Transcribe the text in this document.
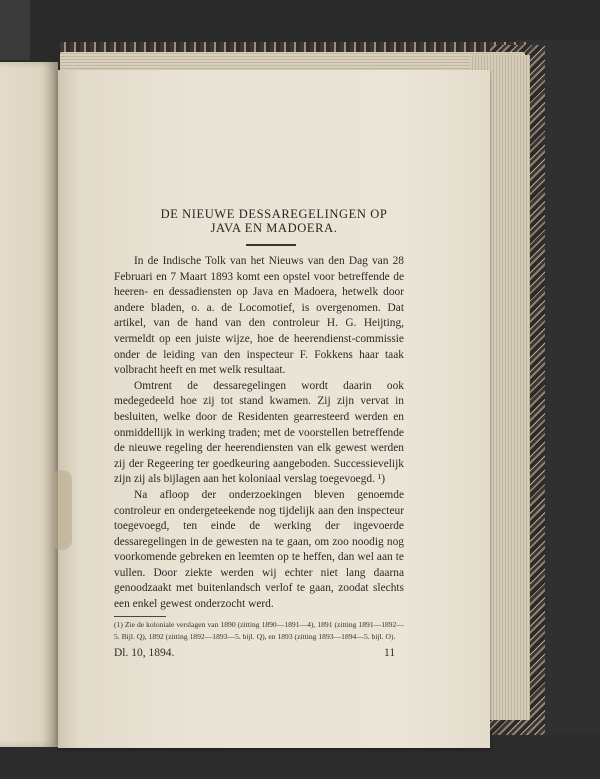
DE NIEUWE DESSAREGELINGEN OP
JAVA EN MADOERA.

In de Indische Tolk van het Nieuws van den Dag van 28 Februari en 7 Maart 1893 komt een opstel voor betreffende de heeren- en dessadiensten op Java en Madoera, hetwelk door andere bladen, o. a. de Locomotief, is overgenomen. Dat artikel, van de hand van den controleur H. G. Heijting, vermeldt op een juiste wijze, hoe de heerendienst-commissie onder de leiding van den inspecteur F. Fokkens haar taak volbracht heeft en met welk resultaat.

Omtrent de dessaregelingen wordt daarin ook medegedeeld hoe zij tot stand kwamen. Zij zijn vervat in besluiten, welke door de Residenten gearresteerd werden en onmiddellijk in werking traden; met de voorstellen betreffende de nieuwe regeling der heerendiensten van elk gewest werden zij der Regeering ter goedkeuring aangeboden. Successievelijk zijn zij als bijlagen aan het koloniaal verslag toegevoegd. ¹)

Na afloop der onderzoekingen bleven genoemde controleur en ondergeteekende nog tijdelijk aan den inspecteur toegevoegd, ten einde de werking der ingevoerde dessaregelingen in de gewesten na te gaan, om zoo noodig nog voorkomende gebreken en leemten op te heffen, dan wel aan te vullen. Door ziekte werden wij echter niet lang daarna genoodzaakt met buitenlandsch verlof te gaan, zoodat slechts een enkel gewest onderzocht werd.

(1) Zie de koloniale verslagen van 1890 (zitting 1890—1891—4), 1891 (zitting 1891—1892—5. Bijl. Q), 1892 (zitting 1892—1893—5. bijl. Q), en 1893 (zitting 1893—1894—5. bijl. O).
Dl. 10, 1894.	11
